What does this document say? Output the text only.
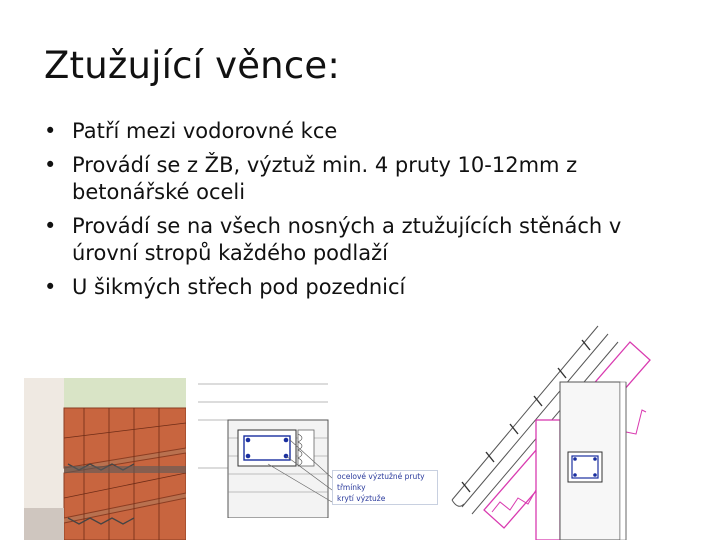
Ztužující věnce:
• Patří mezi vodorovné kce
• Provádí se z ŽB, výztuž min. 4 pruty 10-12mm z betonářské oceli
• Provádí se na všech nosných a ztužujících stěnách v úrovní stropů každého podlaží
• U šikmých střech pod pozednicí
ocelové výztužné pruty
třmínky
krytí výztuže
